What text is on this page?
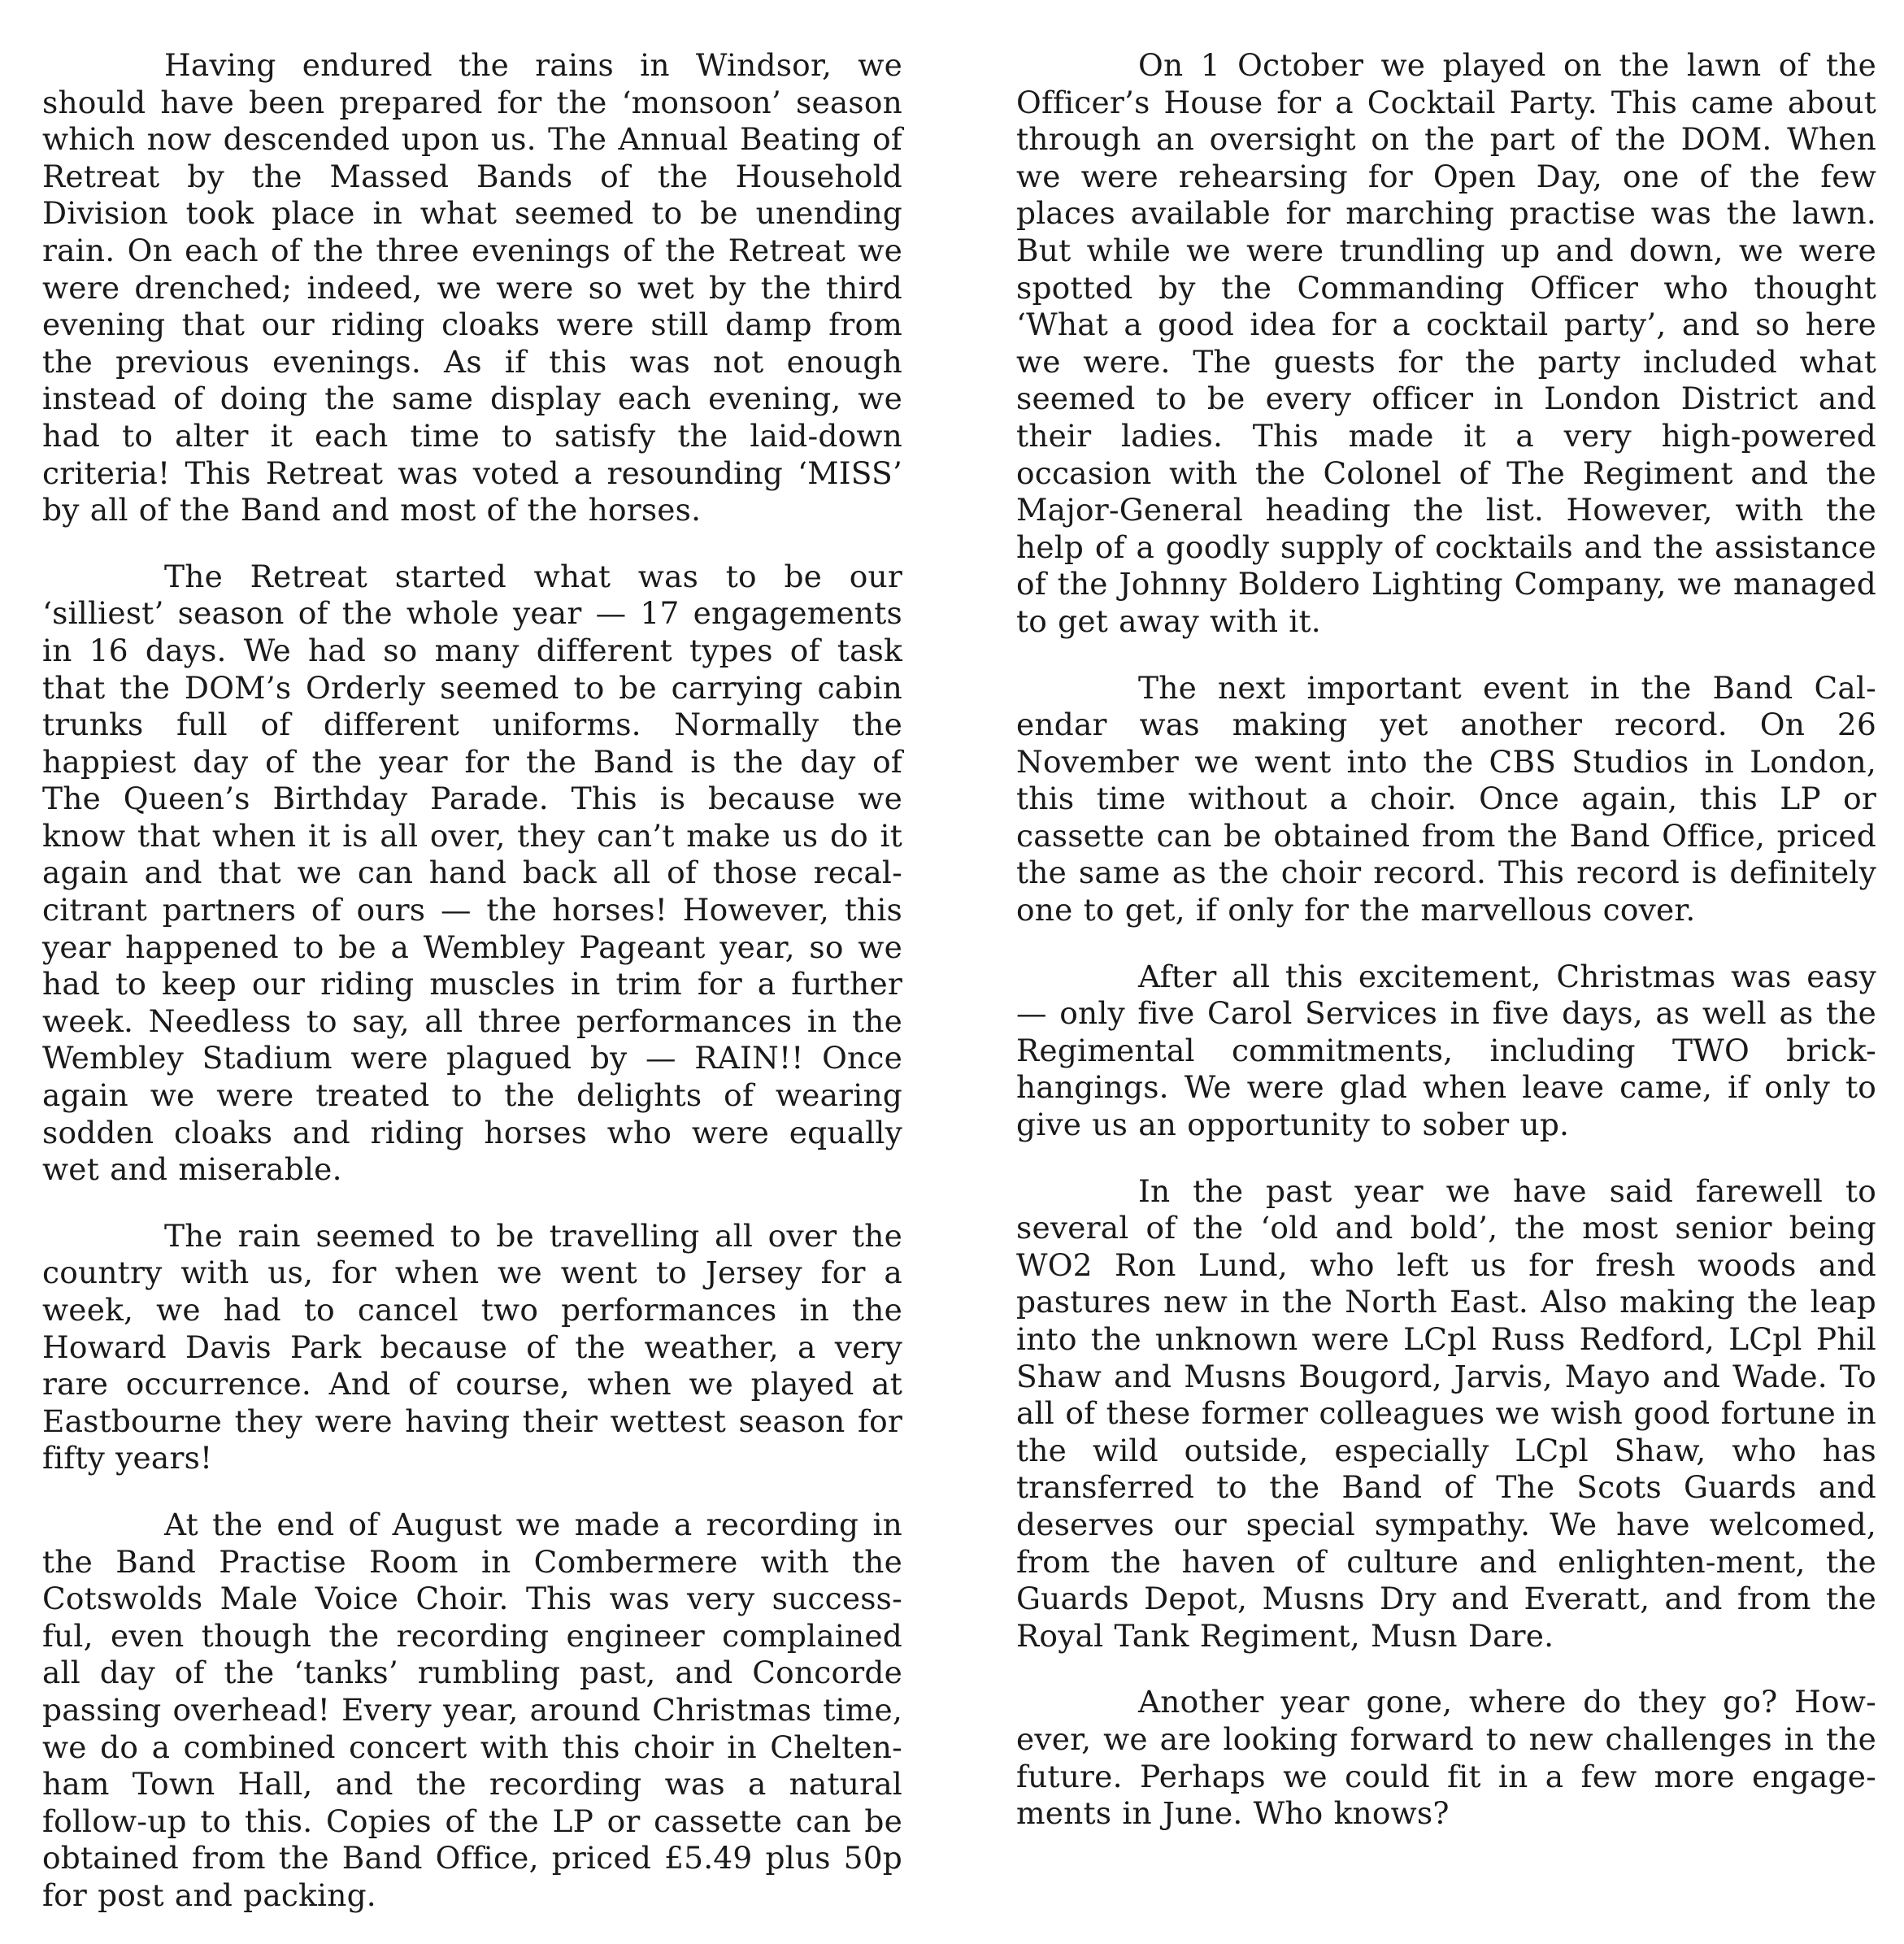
Having endured the rains in Windsor, we should have been prepared for the ‘monsoon’ season which now descended upon us. The Annual Beating of Retreat by the Massed Bands of the Household Division took place in what seemed to be unending rain. On each of the three evenings of the Retreat we were drenched; indeed, we were so wet by the third evening that our riding cloaks were still damp from the previous evenings. As if this was not enough instead of doing the same display each evening, we had to alter it each time to satisfy the laid-down criteria! This Retreat was voted a resounding ‘MISS’ by all of the Band and most of the horses.

The Retreat started what was to be our ‘silliest’ season of the whole year — 17 engagements in 16 days. We had so many different types of task that the DOM’s Orderly seemed to be carrying cabin trunks full of different uniforms. Normally the happiest day of the year for the Band is the day of The Queen’s Birthday Parade. This is because we know that when it is all over, they can’t make us do it again and that we can hand back all of those recal-citrant partners of ours — the horses! However, this year happened to be a Wembley Pageant year, so we had to keep our riding muscles in trim for a further week. Needless to say, all three performances in the Wembley Stadium were plagued by — RAIN!! Once again we were treated to the delights of wearing sodden cloaks and riding horses who were equally wet and miserable.

The rain seemed to be travelling all over the country with us, for when we went to Jersey for a week, we had to cancel two performances in the Howard Davis Park because of the weather, a very rare occurrence. And of course, when we played at Eastbourne they were having their wettest season for fifty years!

At the end of August we made a recording in the Band Practise Room in Combermere with the Cotswolds Male Voice Choir. This was very success-ful, even though the recording engineer complained all day of the ‘tanks’ rumbling past, and Concorde passing overhead! Every year, around Christmas time, we do a combined concert with this choir in Chelten-ham Town Hall, and the recording was a natural follow-up to this. Copies of the LP or cassette can be obtained from the Band Office, priced £5.49 plus 50p for post and packing.

On 1 October we played on the lawn of the Officer’s House for a Cocktail Party. This came about through an oversight on the part of the DOM. When we were rehearsing for Open Day, one of the few places available for marching practise was the lawn. But while we were trundling up and down, we were spotted by the Commanding Officer who thought ‘What a good idea for a cocktail party’, and so here we were. The guests for the party included what seemed to be every officer in London District and their ladies. This made it a very high-powered occasion with the Colonel of The Regiment and the Major-General heading the list. However, with the help of a goodly supply of cocktails and the assistance of the Johnny Boldero Lighting Company, we managed to get away with it.

The next important event in the Band Cal-endar was making yet another record. On 26 November we went into the CBS Studios in London, this time without a choir. Once again, this LP or cassette can be obtained from the Band Office, priced the same as the choir record. This record is definitely one to get, if only for the marvellous cover.

After all this excitement, Christmas was easy — only five Carol Services in five days, as well as the Regimental commitments, including TWO brick-hangings. We were glad when leave came, if only to give us an opportunity to sober up.

In the past year we have said farewell to several of the ‘old and bold’, the most senior being WO2 Ron Lund, who left us for fresh woods and pastures new in the North East. Also making the leap into the unknown were LCpl Russ Redford, LCpl Phil Shaw and Musns Bougord, Jarvis, Mayo and Wade. To all of these former colleagues we wish good fortune in the wild outside, especially LCpl Shaw, who has transferred to the Band of The Scots Guards and deserves our special sympathy. We have welcomed, from the haven of culture and enlighten-ment, the Guards Depot, Musns Dry and Everatt, and from the Royal Tank Regiment, Musn Dare.

Another year gone, where do they go? How-ever, we are looking forward to new challenges in the future. Perhaps we could fit in a few more engage-ments in June. Who knows?
